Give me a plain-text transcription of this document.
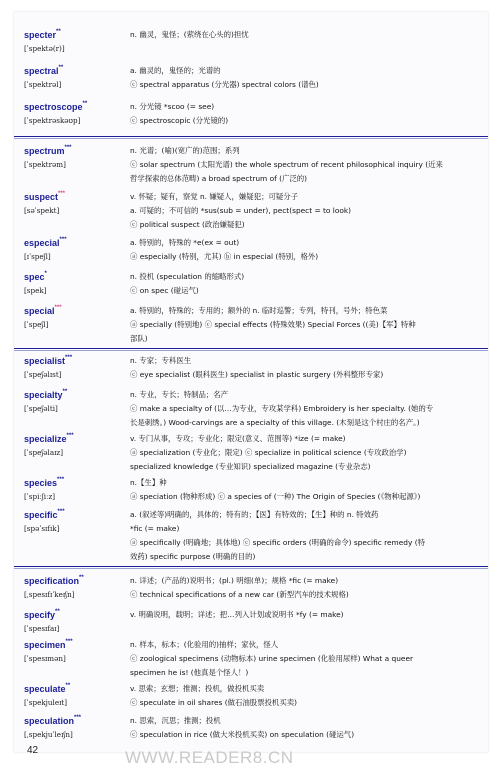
specter**
[ˈspektə(r)]
n. 幽灵，鬼怪；(萦绕在心头的)担忧
spectral**
[ˈspektrəl]
a. 幽灵的，鬼怪的；光谱的
ⓒ spectral apparatus (分光器) spectral colors (谱色)
spectroscope**
[ˈspektrəskəʊp]
n. 分光镜 *scoo (= see)
ⓒ spectroscopic (分光镜的)
spectrum***
[ˈspektrəm]
n. 光谱；(喻)(宽广的)范围；系列
ⓒ solar spectrum (太阳光谱) the whole spectrum of recent philosophical inquiry (近来
哲学探索的总体范畴) a broad spectrum of (广泛的)
suspect***
[səˈspekt]
v. 怀疑；疑有，察觉 n. 嫌疑人，嫌疑犯；可疑分子
a. 可疑的；不可信的 *sus(sub = under), pect(spect = to look)
ⓒ political suspect (政治嫌疑犯)
especial***
[ɪˈspeʃl]
a. 特别的，特殊的 *e(ex = out)
ⓐ especially (特别，尤其) ⓑ in especial (特别，格外)
spec*
[spek]
n. 投机 (speculation 的缩略形式)
ⓒ on spec (碰运气)
special***
[ˈspeʃl]
a. 特别的，特殊的；专用的；额外的 n. 临时巡警；专列，特刊，号外；特色菜
ⓐ specially (特别地) ⓒ special effects (特殊效果) Special Forces ((美)【军】特种
部队)
specialist***
[ˈspeʃəlɪst]
n. 专家；专科医生
ⓒ eye specialist (眼科医生) specialist in plastic surgery (外科整形专家)
specialty**
[ˈspeʃəlti]
n. 专业，专长；特制品；名产
ⓒ make a specialty of (以…为专业，专攻某学科) Embroidery is her specialty. (她的专
长是刺绣。) Wood-carvings are a specialty of this village. (木刻是这个村庄的名产。)
specialize***
[ˈspeʃəlaɪz]
v. 专门从事，专攻；专业化；限定(意义、范围等) *ize (= make)
ⓐ specialization (专业化；限定) ⓒ specialize in political science (专攻政治学)
specialized knowledge (专业知识) specialized magazine (专业杂志)
species***
[ˈspiːʃiːz]
n.【生】种
ⓐ speciation (物种形成) ⓒ a species of (一种) The Origin of Species (《物种起源》)
specific***
[spəˈsɪfɪk]
a. (叙述等)明确的，具体的；特有的；【医】有特效的；【生】种的 n. 特效药
*fic (= make)
ⓐ specifically (明确地；具体地) ⓒ specific orders (明确的命令) specific remedy (特
效药) specific purpose (明确的目的)
specification**
[ˌspesɪfɪˈkeɪʃn]
n. 详述；(产品的)说明书；(pl.) 明细(单)；规格 *fic (= make)
ⓒ technical specifications of a new car (新型汽车的技术规格)
specify**
[ˈspesɪfaɪ]
v. 明确说明，载明；详述；把…列入计划或说明书 *fy (= make)
specimen***
[ˈspesɪmən]
n. 样本，标本；(化验用的)抽样；家伙，怪人
ⓒ zoological specimens (动物标本) urine specimen (化验用尿样) What a queer
specimen he is! (他真是个怪人！)
speculate**
[ˈspekjuleɪt]
v. 思索；玄想；推测；投机，做投机买卖
ⓒ speculate in oil shares (做石油股票投机买卖)
speculation***
[ˌspekjuˈleɪʃn]
n. 思索，沉思；推测；投机
ⓒ speculation in rice (做大米投机买卖) on speculation (碰运气)
42	WWW.READER8.CN
